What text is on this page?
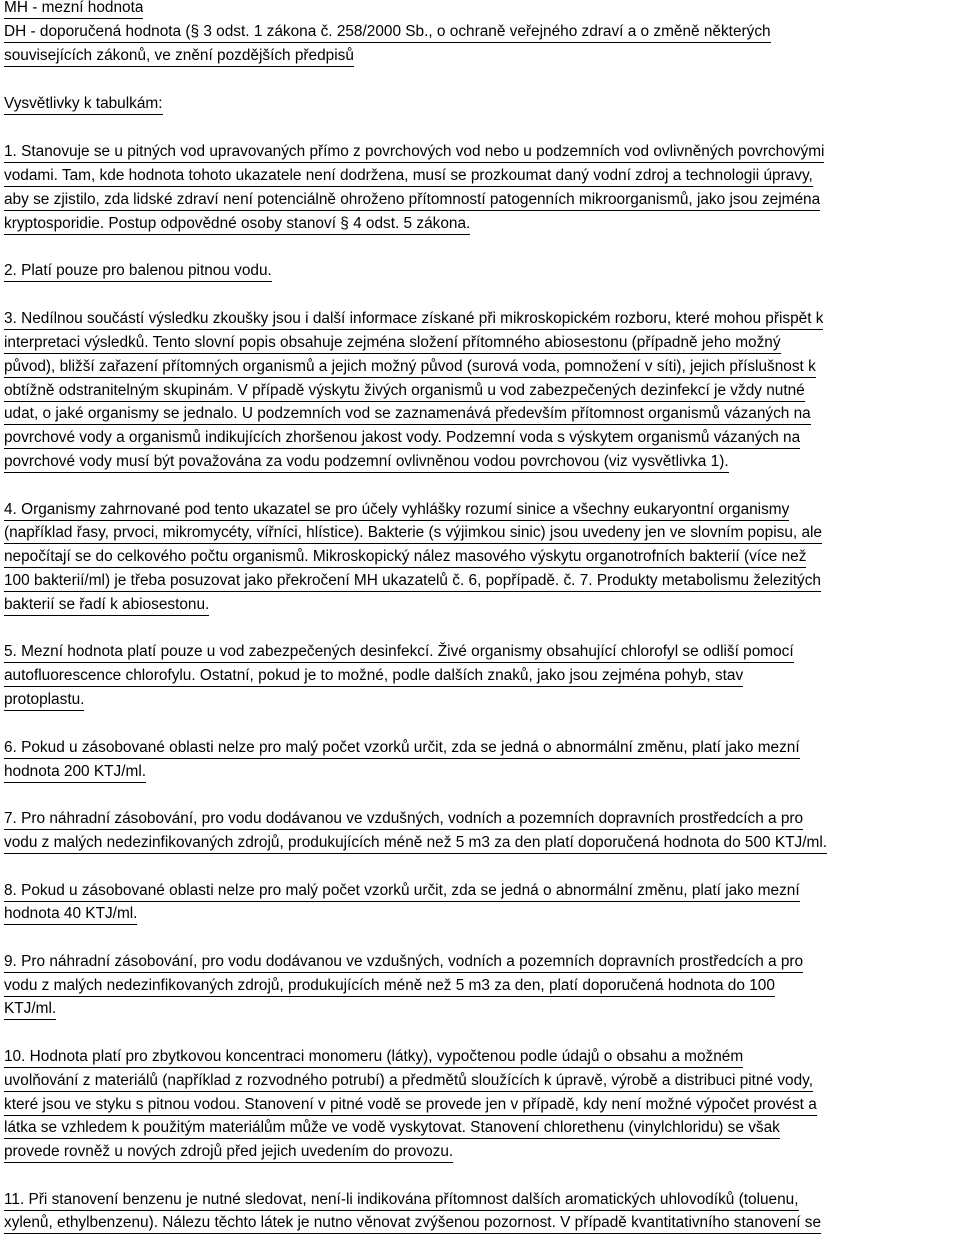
MH - mezní hodnota
DH - doporučená hodnota (§ 3 odst. 1 zákona č. 258/2000 Sb., o ochraně veřejného zdraví a o změně některých
souvisejících zákonů, ve znění pozdějších předpisů
Vysvětlivky k tabulkám:
1. Stanovuje se u pitných vod upravovaných přímo z povrchových vod nebo u podzemních vod ovlivněných povrchovými
vodami. Tam, kde hodnota tohoto ukazatele není dodržena, musí se prozkoumat daný vodní zdroj a technologii úpravy,
aby se zjistilo, zda lidské zdraví není potenciálně ohroženo přítomností patogenních mikroorganismů, jako jsou zejména
kryptosporidie. Postup odpovědné osoby stanoví § 4 odst. 5 zákona.
2. Platí pouze pro balenou pitnou vodu.
3. Nedílnou součástí výsledku zkoušky jsou i další informace získané při mikroskopickém rozboru, které mohou přispět k
interpretaci výsledků. Tento slovní popis obsahuje zejména složení přítomného abiosestonu (případně jeho možný
původ), bližší zařazení přítomných organismů a jejich možný původ (surová voda, pomnožení v síti), jejich příslušnost k
obtížně odstranitelným skupinám. V případě výskytu živých organismů u vod zabezpečených dezinfekcí je vždy nutné
udat, o jaké organismy se jednalo. U podzemních vod se zaznamenává především přítomnost organismů vázaných na
povrchové vody a organismů indikujících zhoršenou jakost vody. Podzemní voda s výskytem organismů vázaných na
povrchové vody musí být považována za vodu podzemní ovlivněnou vodou povrchovou (viz vysvětlivka 1).
4. Organismy zahrnované pod tento ukazatel se pro účely vyhlášky rozumí sinice a všechny eukaryontní organismy
(například řasy, prvoci, mikromycéty, vířníci, hlístice). Bakterie (s výjimkou sinic) jsou uvedeny jen ve slovním popisu, ale
nepočítají se do celkového počtu organismů. Mikroskopický nález masového výskytu organotrofních bakterií (více než
100 bakterií/ml) je třeba posuzovat jako překročení MH ukazatelů č. 6, popřípadě. č. 7. Produkty metabolismu železitých
bakterií se řadí k abiosestonu.
5. Mezní hodnota platí pouze u vod zabezpečených desinfekcí. Živé organismy obsahující chlorofyl se odliší pomocí
autofluorescence chlorofylu. Ostatní, pokud je to možné, podle dalších znaků, jako jsou zejména pohyb, stav
protoplastu.
6. Pokud u zásobované oblasti nelze pro malý počet vzorků určit, zda se jedná o abnormální změnu, platí jako mezní
hodnota 200 KTJ/ml.
7. Pro náhradní zásobování, pro vodu dodávanou ve vzdušných, vodních a pozemních dopravních prostředcích a pro
vodu z malých nedezinfikovaných zdrojů, produkujících méně než 5 m3 za den platí doporučená hodnota do 500 KTJ/ml.
8. Pokud u zásobované oblasti nelze pro malý počet vzorků určit, zda se jedná o abnormální změnu, platí jako mezní
hodnota 40 KTJ/ml.
9. Pro náhradní zásobování, pro vodu dodávanou ve vzdušných, vodních a pozemních dopravních prostředcích a pro
vodu z malých nedezinfikovaných zdrojů, produkujících méně než 5 m3 za den, platí doporučená hodnota do 100
KTJ/ml.
10. Hodnota platí pro zbytkovou koncentraci monomeru (látky), vypočtenou podle údajů o obsahu a možném
uvolňování z materiálů (například z rozvodného potrubí) a předmětů sloužících k úpravě, výrobě a distribuci pitné vody,
které jsou ve styku s pitnou vodou. Stanovení v pitné vodě se provede jen v případě, kdy není možné výpočet provést a
látka se vzhledem k použitým materiálům může ve vodě vyskytovat. Stanovení chlorethenu (vinylchloridu) se však
provede rovněž u nových zdrojů před jejich uvedením do provozu.
11. Při stanovení benzenu je nutné sledovat, není-li indikována přítomnost dalších aromatických uhlovodíků (toluenu,
xylenů, ethylbenzenu). Nálezu těchto látek je nutno věnovat zvýšenou pozornost. V případě kvantitativního stanovení se
